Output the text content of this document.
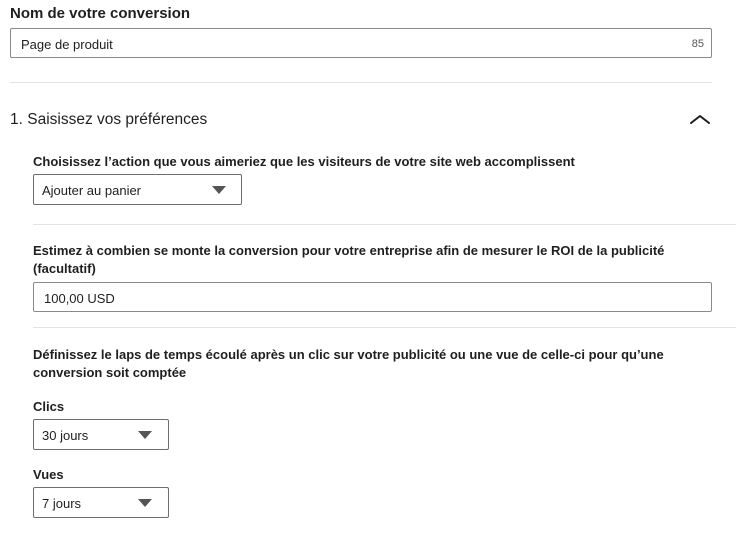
Nom de votre conversion
Page de produit	85
1. Saisissez vos préférences
Choisissez l’action que vous aimeriez que les visiteurs de votre site web accomplissent
Ajouter au panier
Estimez à combien se monte la conversion pour votre entreprise afin de mesurer le ROI de la publicité
(facultatif)
100,00 USD
Définissez le laps de temps écoulé après un clic sur votre publicité ou une vue de celle-ci pour qu’une
conversion soit comptée
Clics
30 jours
Vues
7 jours
